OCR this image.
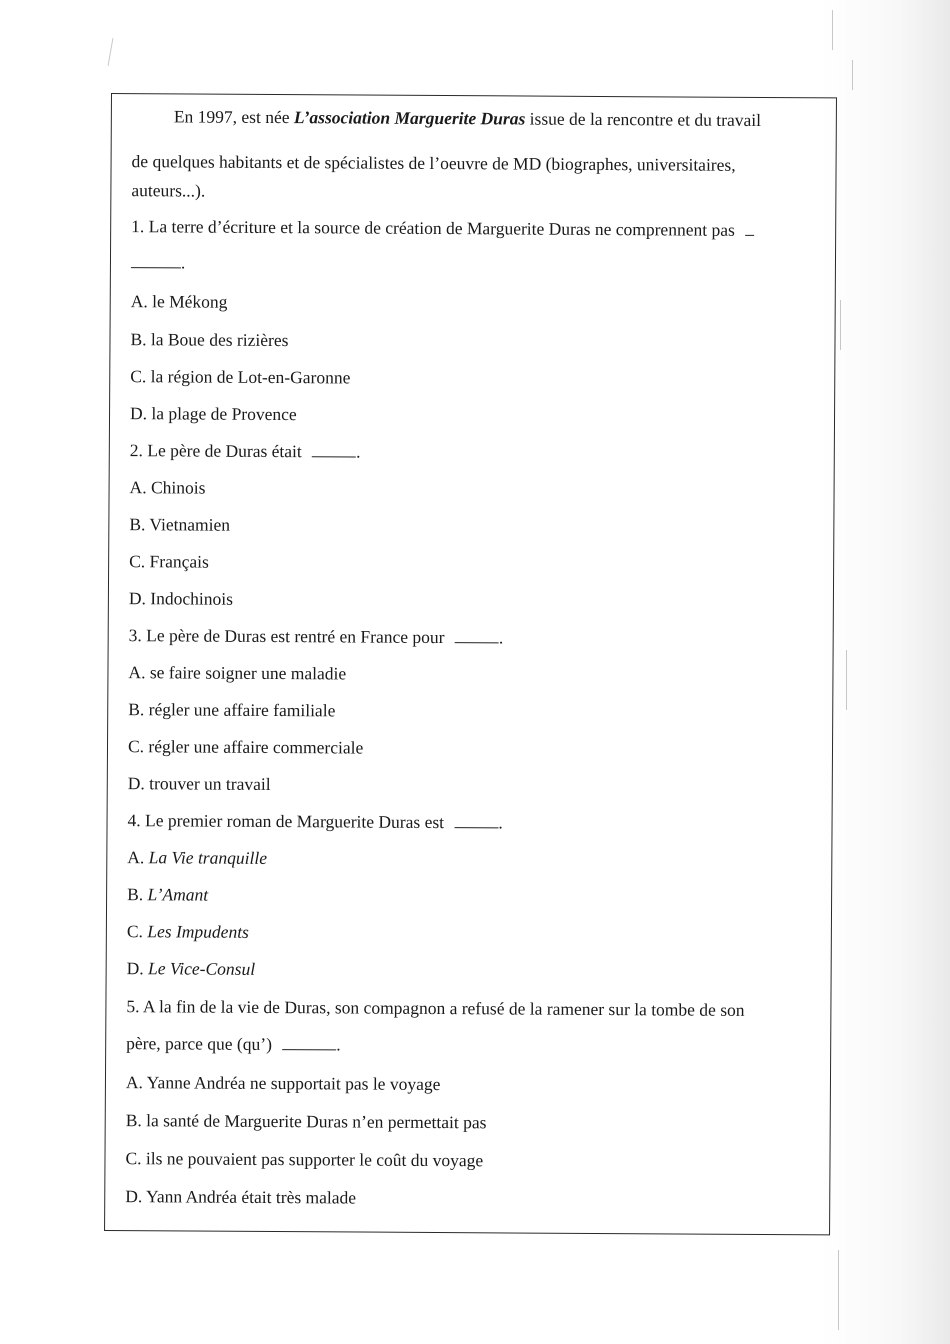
En 1997, est née L’association Marguerite Duras issue de la rencontre et du travail
de quelques habitants et de spécialistes de l’oeuvre de MD (biographes, universitaires,
auteurs...).
1. La terre d’écriture et la source de création de Marguerite Duras ne comprennent pas
.
A. le Mékong
B. la Boue des rizières
C. la région de Lot-en-Garonne
D. la plage de Provence
2. Le père de Duras était	.
A. Chinois
B. Vietnamien
C. Français
D. Indochinois
3. Le père de Duras est rentré en France pour	.
A. se faire soigner une maladie
B. régler une affaire familiale
C. régler une affaire commerciale
D. trouver un travail
4. Le premier roman de Marguerite Duras est	.
A. La Vie tranquille
B. L’Amant
C. Les Impudents
D. Le Vice-Consul
5. A la fin de la vie de Duras, son compagnon a refusé de la ramener sur la tombe de son
père, parce que (qu’)	.
A. Yanne Andréa ne supportait pas le voyage
B. la santé de Marguerite Duras n’en permettait pas
C. ils ne pouvaient pas supporter le coût du voyage
D. Yann Andréa était très malade
